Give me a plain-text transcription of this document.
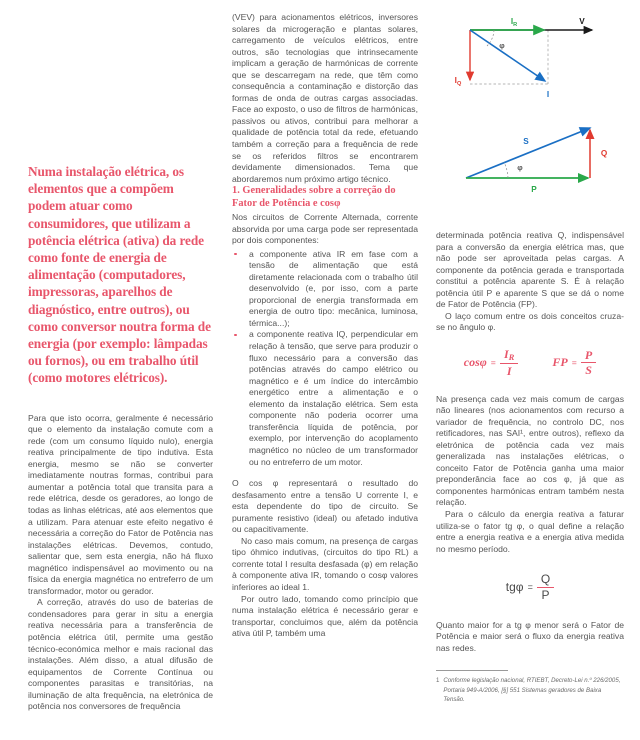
$I_R$	V
$I_Q$
I
φ
S
Q
P
φ

Numa instalação elétrica, os elementos que a compõem podem atuar como consumidores, que utilizam a potência elétrica (ativa) da rede como fonte de energia de alimentação (computadores, impressoras, aparelhos de diagnóstico, entre outros), ou como conversor noutra forma de energia (por exemplo: lâmpadas ou fornos), ou em trabalho útil (como motores elétricos).

Para que isto ocorra, geralmente é necessário que o elemento da instalação comute com a rede (com um consumo líquido nulo), energia reativa principalmente de tipo indutiva. Esta energia, mesmo se não se converter imediatamente noutras formas, contribui para aumentar a potência total que transita para a rede elétrica, desde os geradores, ao longo de todas as linhas elétricas, até aos elementos que a utilizam. Para atenuar este efeito negativo é necessária a correção do Fator de Potência nas instalações elétricas. Devemos, contudo, salientar que, sem esta energia, não há fluxo magnético indispensável ao movimento ou na física da energia magnética no entreferro de um transformador, motor ou gerador.

A correção, através do uso de baterias de condensadores para gerar in situ a energia reativa necessária para a transferência de potência elétrica útil, permite uma gestão técnico-económica melhor e mais racional das instalações. Além disso, a atual difusão de equipamentos de Corrente Contínua ou componentes parasitas e transitórias, na iluminação de alta frequência, na eletrónica de potência nos conversores de frequência

(VEV) para acionamentos elétricos, inversores solares da microgeração e plantas solares, carregamento de veículos elétricos, entre outros, são tecnologias que intrinsecamente implicam a geração de harmónicas de corrente que se descarregam na rede, que têm como consequência a contaminação e distorção das formas de onda de outras cargas associadas. Face ao exposto, o uso de filtros de harmónicas, passivos ou ativos, contribui para melhorar a qualidade de potência total da rede, efetuando também a correção para a frequência de rede se os referidos filtros se encontrarem devidamente dimensionados. Tema que abordaremos num próximo artigo técnico.

1. Generalidades sobre a correção do Fator de Potência e cosφ

Nos circuitos de Corrente Alternada, corrente absorvida por uma carga pode ser representada por dois componentes:

a componente ativa IR em fase com a tensão de alimentação que está diretamente relacionada com o trabalho útil desenvolvido (e, por isso, com a parte proporcional de energia transformada em energia de outro tipo: mecânica, luminosa, térmica...);
a componente reativa IQ, perpendicular em relação à tensão, que serve para produzir o fluxo necessário para a conversão das potências através do campo elétrico ou magnético e é um índice do intercâmbio energético entre a alimentação e o elemento da instalação elétrica. Sem esta componente não poderia ocorrer uma transferência líquida de potência, por exemplo, por intervenção do acoplamento magnético no núcleo de um transformador ou no entreferro de um motor.

O cos φ representará o resultado do desfasamento entre a tensão U corrente I, e esta dependente do tipo de circuito. Se puramente resistivo (ideal) ou afetado indutiva ou capacitivamente.

No caso mais comum, na presença de cargas tipo óhmico indutivas, (circuitos do tipo RL) a corrente total I resulta desfasada (φ) em relação à componente ativa IR, tomando o cosφ valores inferiores ao ideal 1.

Por outro lado, tomando como princípio que numa instalação elétrica é necessário gerar e transportar, concluimos que, além da potência ativa útil P, também uma

determinada potência reativa Q, indispensável para a conversão da energia elétrica mas, que não pode ser aproveitada pelas cargas. A componente da potência gerada e transportada constitui a potência aparente S. É à relação potência útil P e aparente S que se dá o nome de Fator de Potência (FP).

O laço comum entre os dois conceitos cruza-se no ângulo φ.

$\cos\varphi = \frac{I_R}{I}$	FP = $\frac{P}{S}$

Na presença cada vez mais comum de cargas não lineares (nos acionamentos com recurso a variador de frequência, no controlo DC, nos retificadores, nas SAI¹, entre outros), reflexo da eletrónica de potência cada vez mais generalizada nas instalações elétricas, o conceito Fator de Potência ganha uma maior preponderância face ao cos φ, já que as componentes harmónicas entram também nesta relação.

Para o cálculo da energia reativa a faturar utiliza-se o fator tg φ, o qual define a relação entre a energia reativa e a energia ativa medida no mesmo período.

$tg\varphi = \frac{Q}{P}$

Quanto maior for a tg φ menor será o Fator de Potência e maior será o fluxo da energia reativa nas redes.

1 Conforme legislação nacional, RTIEBT, Decreto-Lei n.º 226/2005, Portaria 949-A/2006, [§] 551 Sistemas geradores de Baixa Tensão.
